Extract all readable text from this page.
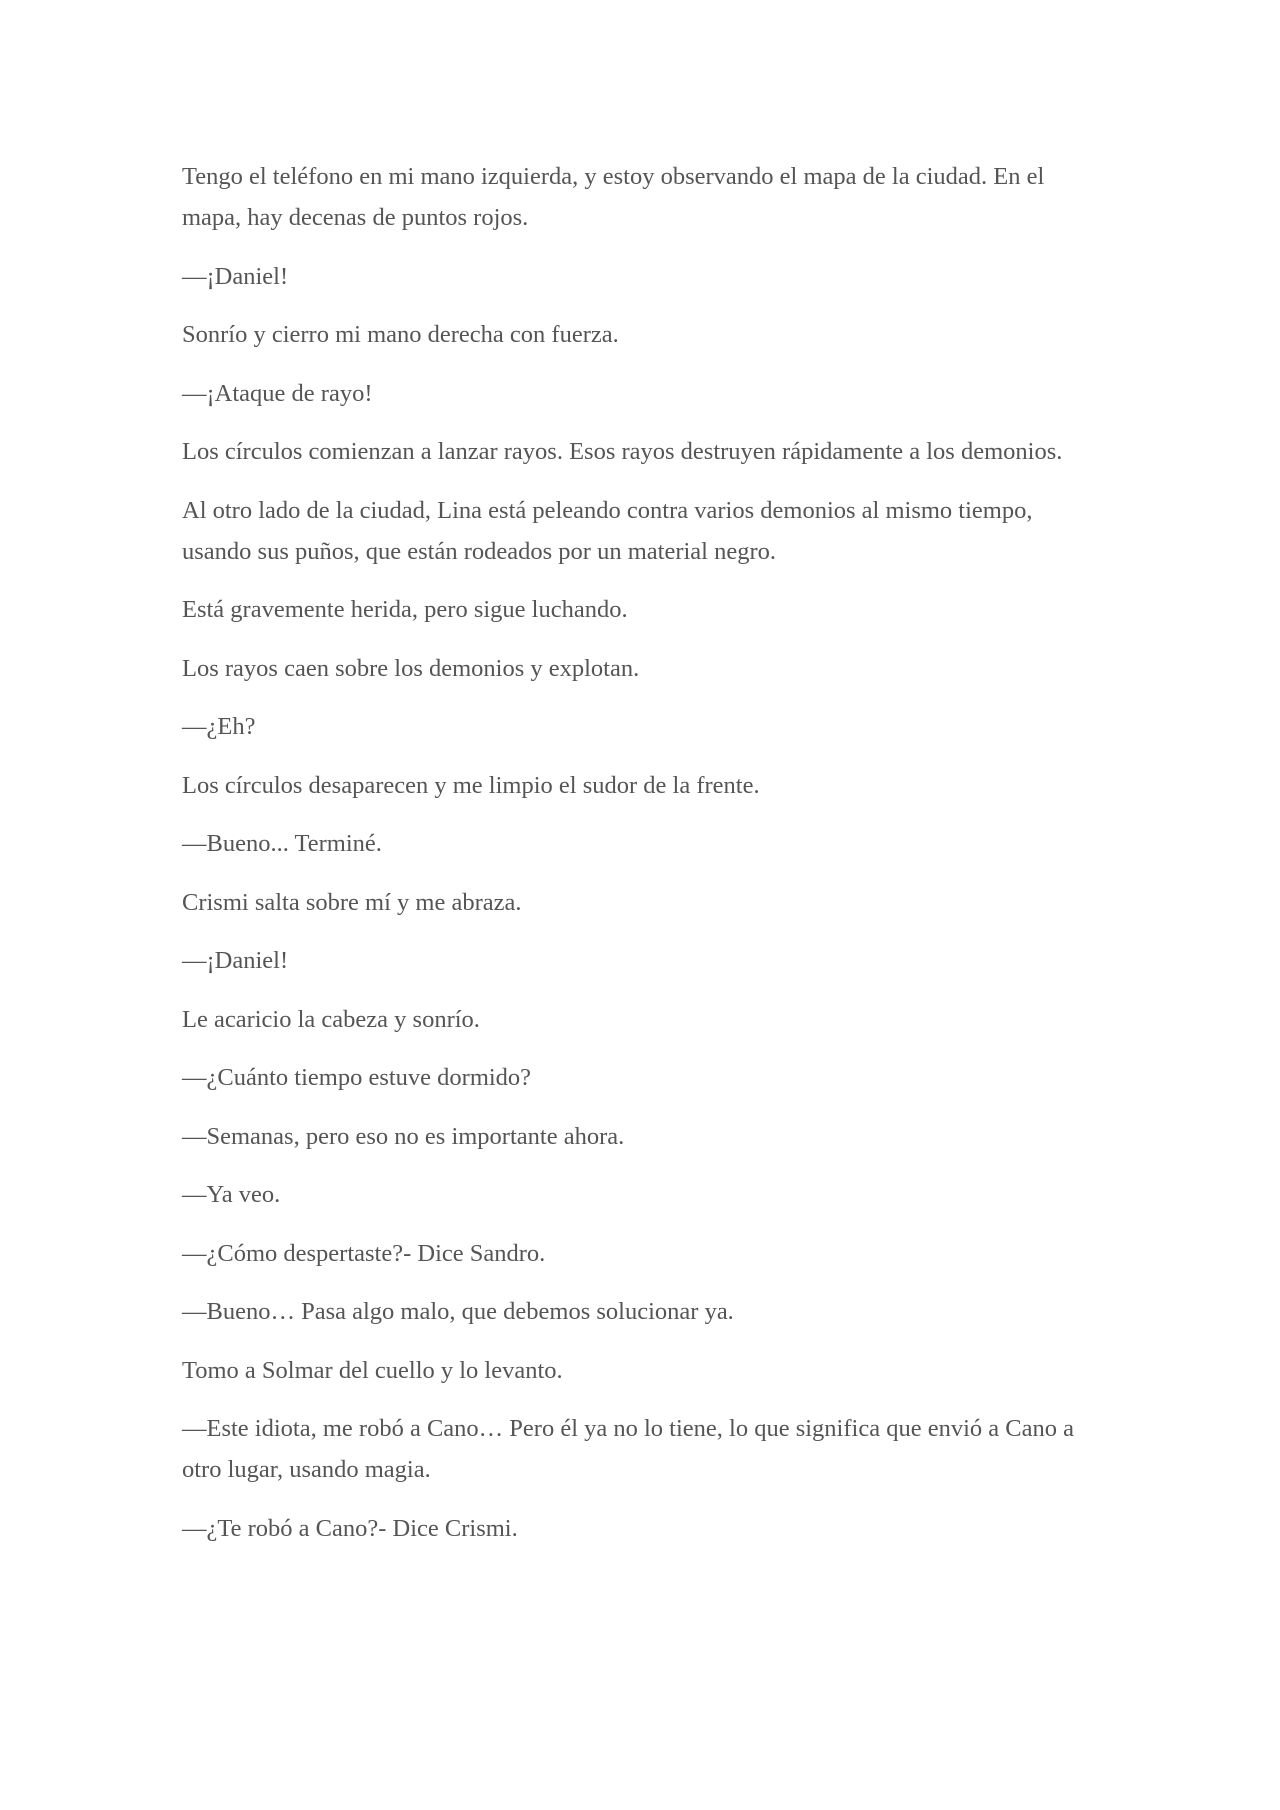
Tengo el teléfono en mi mano izquierda, y estoy observando el mapa de la ciudad. En el mapa, hay decenas de puntos rojos.

—¡Daniel!

Sonrío y cierro mi mano derecha con fuerza.

—¡Ataque de rayo!

Los círculos comienzan a lanzar rayos. Esos rayos destruyen rápidamente a los demonios.

Al otro lado de la ciudad, Lina está peleando contra varios demonios al mismo tiempo, usando sus puños, que están rodeados por un material negro.

Está gravemente herida, pero sigue luchando.

Los rayos caen sobre los demonios y explotan.

—¿Eh?

Los círculos desaparecen y me limpio el sudor de la frente.

—Bueno... Terminé.

Crismi salta sobre mí y me abraza.

—¡Daniel!

Le acaricio la cabeza y sonrío.

—¿Cuánto tiempo estuve dormido?

—Semanas, pero eso no es importante ahora.

—Ya veo.

—¿Cómo despertaste?- Dice Sandro.

—Bueno… Pasa algo malo, que debemos solucionar ya.

Tomo a Solmar del cuello y lo levanto.

—Este idiota, me robó a Cano… Pero él ya no lo tiene, lo que significa que envió a Cano a otro lugar, usando magia.

—¿Te robó a Cano?- Dice Crismi.
